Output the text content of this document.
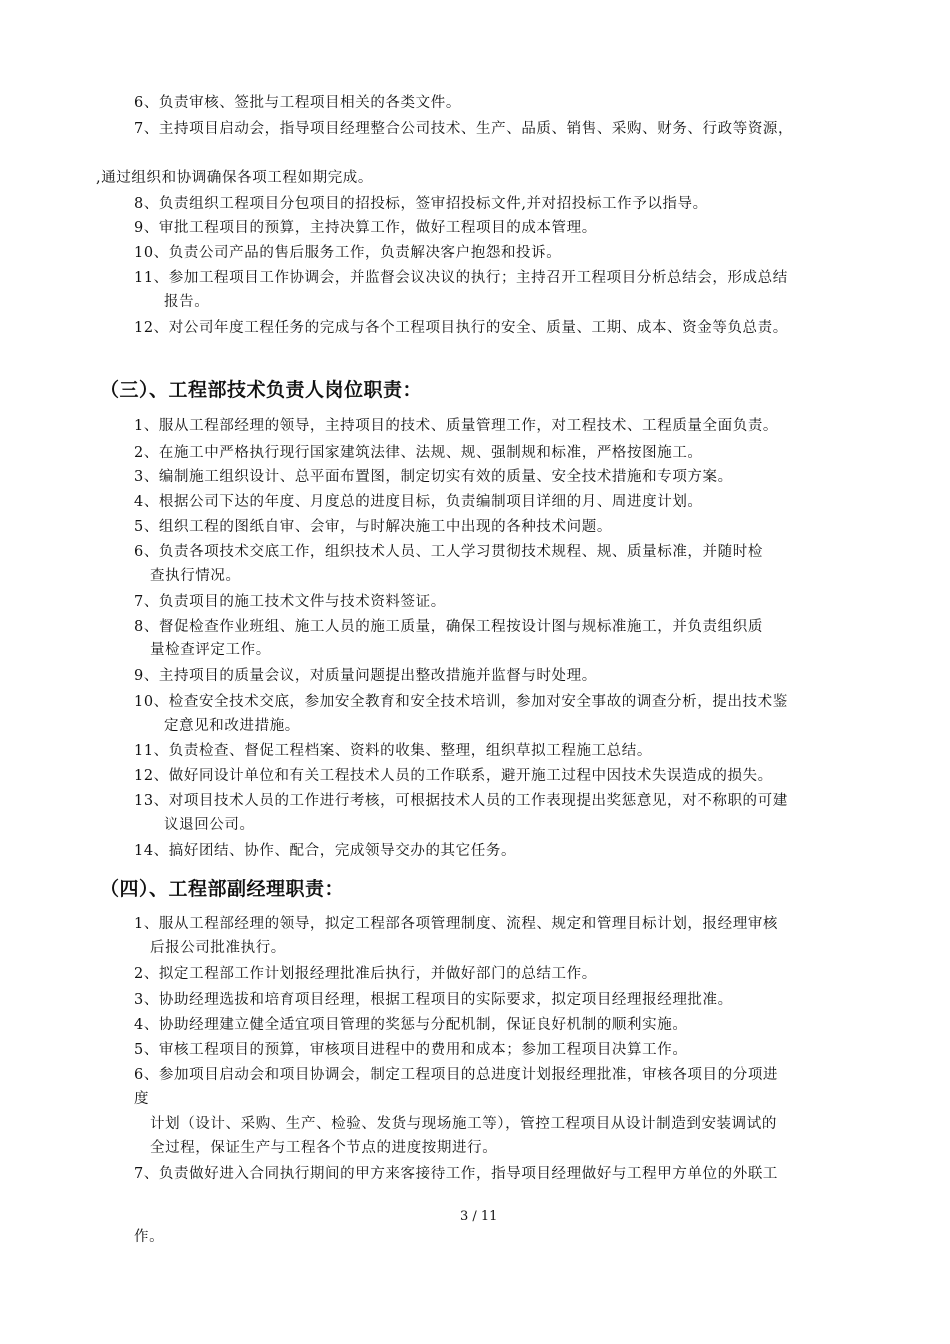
6、负责审核、签批与工程项目相关的各类文件。
7、主持项目启动会，指导项目经理整合公司技术、生产、品质、销售、采购、财务、行政等资源，
,通过组织和协调确保各项工程如期完成。
8、负责组织工程项目分包项目的招投标，签审招投标文件,并对招投标工作予以指导。
9、审批工程项目的预算，主持决算工作，做好工程项目的成本管理。
10、负责公司产品的售后服务工作，负责解决客户抱怨和投诉。
11、参加工程项目工作协调会，并监督会议决议的执行；主持召开工程项目分析总结会，形成总结
报告。
12、对公司年度工程任务的完成与各个工程项目执行的安全、质量、工期、成本、资金等负总责。
（三）、工程部技术负责人岗位职责：
1、服从工程部经理的领导，主持项目的技术、质量管理工作，对工程技术、工程质量全面负责。
2、在施工中严格执行现行国家建筑法律、法规、规、强制规和标准，严格按图施工。
3、编制施工组织设计、总平面布置图，制定切实有效的质量、安全技术措施和专项方案。
4、根据公司下达的年度、月度总的进度目标，负责编制项目详细的月、周进度计划。
5、组织工程的图纸自审、会审，与时解决施工中出现的各种技术问题。
6、负责各项技术交底工作，组织技术人员、工人学习贯彻技术规程、规、质量标准，并随时检
查执行情况。
7、负责项目的施工技术文件与技术资料签证。
8、督促检查作业班组、施工人员的施工质量，确保工程按设计图与规标准施工，并负责组织质
量检查评定工作。
9、主持项目的质量会议，对质量问题提出整改措施并监督与时处理。
10、检查安全技术交底，参加安全教育和安全技术培训，参加对安全事故的调查分析，提出技术鉴
定意见和改进措施。
11、负责检查、督促工程档案、资料的收集、整理，组织草拟工程施工总结。
12、做好同设计单位和有关工程技术人员的工作联系，避开施工过程中因技术失误造成的损失。
13、对项目技术人员的工作进行考核，可根据技术人员的工作表现提出奖惩意见，对不称职的可建
议退回公司。
14、搞好团结、协作、配合，完成领导交办的其它任务。
（四）、工程部副经理职责：
1、服从工程部经理的领导，拟定工程部各项管理制度、流程、规定和管理目标计划，报经理审核
后报公司批准执行。
2、拟定工程部工作计划报经理批准后执行，并做好部门的总结工作。
3、协助经理选拔和培育项目经理，根据工程项目的实际要求，拟定项目经理报经理批准。
4、协助经理建立健全适宜项目管理的奖惩与分配机制，保证良好机制的顺利实施。
5、审核工程项目的预算，审核项目进程中的费用和成本；参加工程项目决算工作。
6、参加项目启动会和项目协调会，制定工程项目的总进度计划报经理批准，审核各项目的分项进
度
计划（设计、采购、生产、检验、发货与现场施工等），管控工程项目从设计制造到安装调试的
全过程，保证生产与工程各个节点的进度按期进行。
7、负责做好进入合同执行期间的甲方来客接待工作，指导项目经理做好与工程甲方单位的外联工
3 / 11
作。
